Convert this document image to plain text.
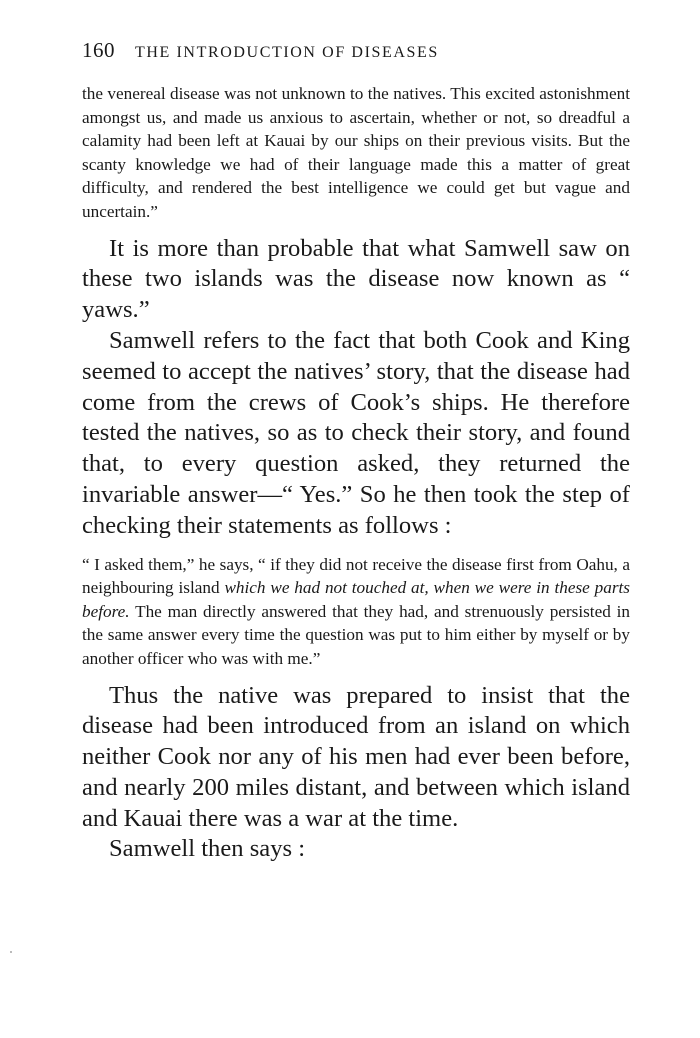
160 THE INTRODUCTION OF DISEASES

the venereal disease was not unknown to the natives. This excited astonishment amongst us, and made us anxious to ascertain, whether or not, so dreadful a calamity had been left at Kauai by our ships on their previous visits. But the scanty knowledge we had of their language made this a matter of great difficulty, and rendered the best intelligence we could get but vague and uncertain.”

It is more than probable that what Samwell saw on these two islands was the disease now known as “ yaws.”

Samwell refers to the fact that both Cook and King seemed to accept the natives’ story, that the disease had come from the crews of Cook’s ships. He therefore tested the natives, so as to check their story, and found that, to every question asked, they returned the invariable answer—“ Yes.” So he then took the step of checking their statements as follows :

“ I asked them,” he says, “ if they did not receive the disease first from Oahu, a neighbouring island which we had not touched at, when we were in these parts before. The man directly answered that they had, and strenuously persisted in the same answer every time the question was put to him either by myself or by another officer who was with me.”

Thus the native was prepared to insist that the disease had been introduced from an island on which neither Cook nor any of his men had ever been before, and nearly 200 miles distant, and between which island and Kauai there was a war at the time.

Samwell then says :
